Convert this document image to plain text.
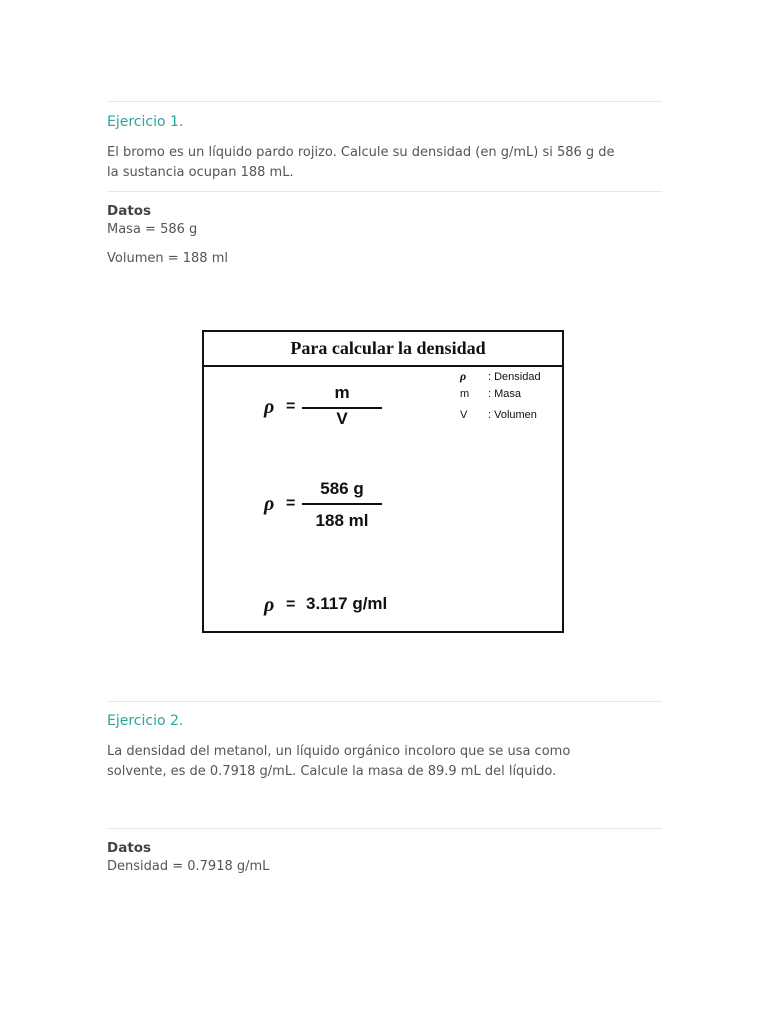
Ejercicio 1.
El bromo es un líquido pardo rojizo. Calcule su densidad (en g/mL) si 586 g de
la sustancia ocupan 188 mL.
Datos
Masa = 586 g
Volumen = 188 ml
Para calcular la densidad
ρ : Densidad
m : Masa
V : Volumen
ρ =
m
V
ρ =
586 g
188 ml
ρ = 3.117 g/ml
Ejercicio 2.
La densidad del metanol, un líquido orgánico incoloro que se usa como
solvente, es de 0.7918 g/mL. Calcule la masa de 89.9 mL del líquido.
Datos
Densidad = 0.7918 g/mL
